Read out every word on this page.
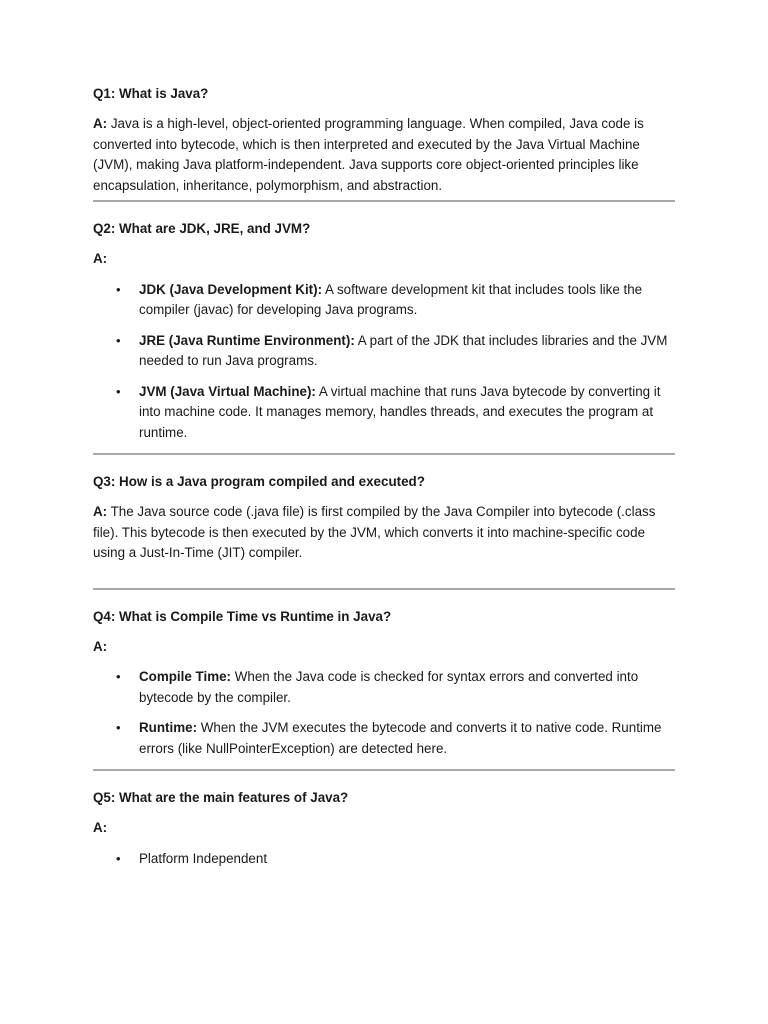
Q1: What is Java?

A: Java is a high-level, object-oriented programming language. When compiled, Java code is converted into bytecode, which is then interpreted and executed by the Java Virtual Machine (JVM), making Java platform-independent. Java supports core object-oriented principles like encapsulation, inheritance, polymorphism, and abstraction.

Q2: What are JDK, JRE, and JVM?

A:

• JDK (Java Development Kit): A software development kit that includes tools like the compiler (javac) for developing Java programs.
• JRE (Java Runtime Environment): A part of the JDK that includes libraries and the JVM needed to run Java programs.
• JVM (Java Virtual Machine): A virtual machine that runs Java bytecode by converting it into machine code. It manages memory, handles threads, and executes the program at runtime.

Q3: How is a Java program compiled and executed?

A: The Java source code (.java file) is first compiled by the Java Compiler into bytecode (.class file). This bytecode is then executed by the JVM, which converts it into machine-specific code using a Just-In-Time (JIT) compiler.

Q4: What is Compile Time vs Runtime in Java?

A:

• Compile Time: When the Java code is checked for syntax errors and converted into bytecode by the compiler.
• Runtime: When the JVM executes the bytecode and converts it to native code. Runtime errors (like NullPointerException) are detected here.

Q5: What are the main features of Java?

A:

• Platform Independent
